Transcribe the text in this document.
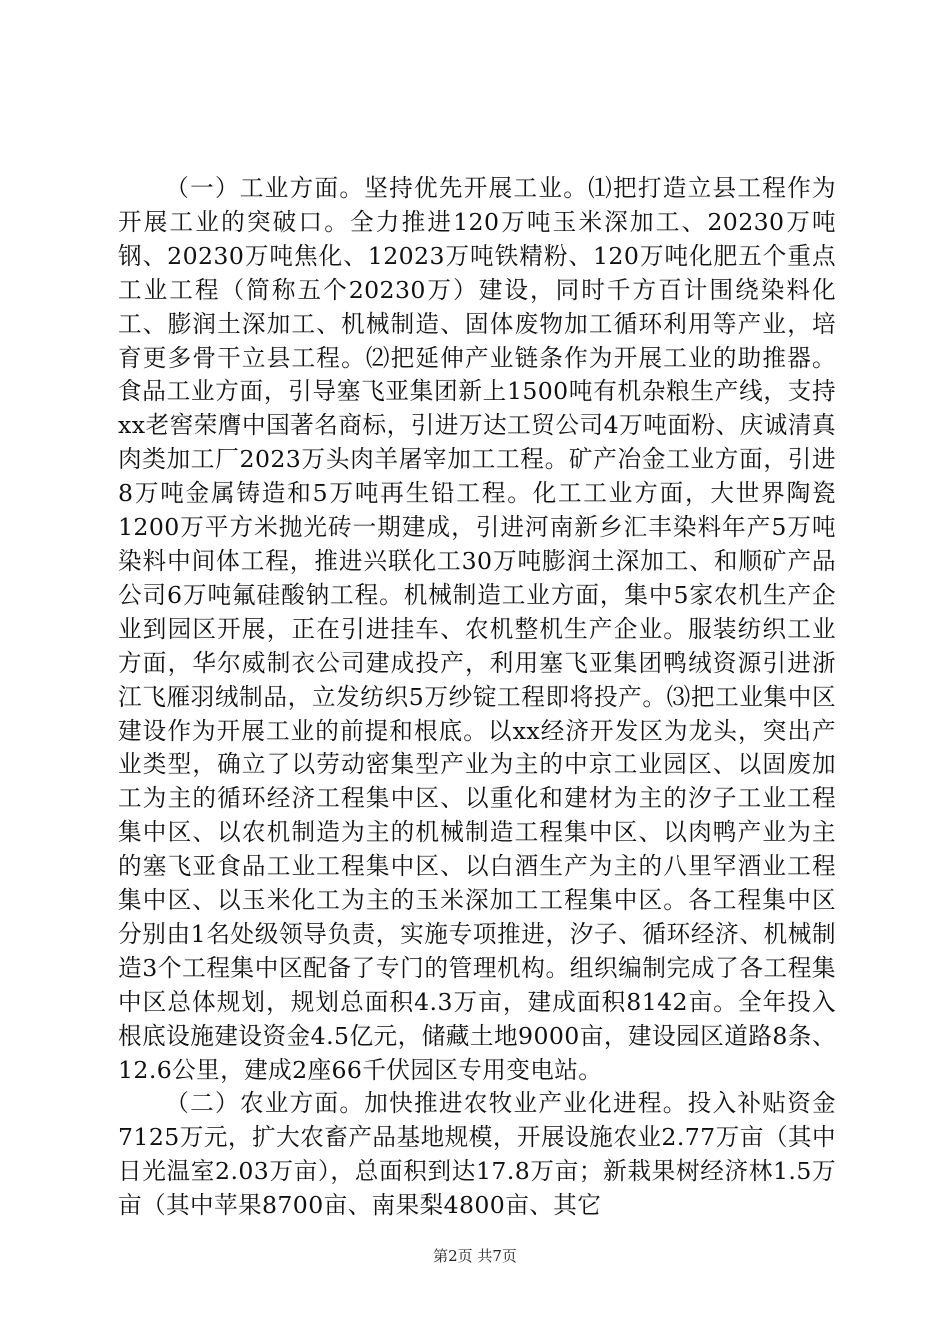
（一）工业方面。坚持优先开展工业。⑴把打造立县工程作为开展工业的突破口。全力推进120万吨玉米深加工、20230万吨钢、20230万吨焦化、12023万吨铁精粉、120万吨化肥五个重点工业工程（简称五个20230万）建设，同时千方百计围绕染料化工、膨润土深加工、机械制造、固体废物加工循环利用等产业，培育更多骨干立县工程。⑵把延伸产业链条作为开展工业的助推器。食品工业方面，引导塞飞亚集团新上1500吨有机杂粮生产线，支持xx老窖荣膺中国著名商标，引进万达工贸公司4万吨面粉、庆诚清真肉类加工厂2023万头肉羊屠宰加工工程。矿产冶金工业方面，引进8万吨金属铸造和5万吨再生铅工程。化工工业方面，大世界陶瓷1200万平方米抛光砖一期建成，引进河南新乡汇丰染料年产5万吨染料中间体工程，推进兴联化工30万吨膨润土深加工、和顺矿产品公司6万吨氟硅酸钠工程。机械制造工业方面，集中5家农机生产企业到园区开展，正在引进挂车、农机整机生产企业。服装纺织工业方面，华尔威制衣公司建成投产，利用塞飞亚集团鸭绒资源引进浙江飞雁羽绒制品，立发纺织5万纱锭工程即将投产。⑶把工业集中区建设作为开展工业的前提和根底。以xx经济开发区为龙头，突出产业类型，确立了以劳动密集型产业为主的中京工业园区、以固废加工为主的循环经济工程集中区、以重化和建材为主的汐子工业工程集中区、以农机制造为主的机械制造工程集中区、以肉鸭产业为主的塞飞亚食品工业工程集中区、以白酒生产为主的八里罕酒业工程集中区、以玉米化工为主的玉米深加工工程集中区。各工程集中区分别由1名处级领导负责，实施专项推进，汐子、循环经济、机械制造3个工程集中区配备了专门的管理机构。组织编制完成了各工程集中区总体规划，规划总面积4.3万亩，建成面积8142亩。全年投入根底设施建设资金4.5亿元，储藏土地9000亩，建设园区道路8条、12.6公里，建成2座66千伏园区专用变电站。

（二）农业方面。加快推进农牧业产业化进程。投入补贴资金7125万元，扩大农畜产品基地规模，开展设施农业2.77万亩（其中日光温室2.03万亩），总面积到达17.8万亩；新栽果树经济林1.5万亩（其中苹果8700亩、南果梨4800亩、其它

第2页 共7页
